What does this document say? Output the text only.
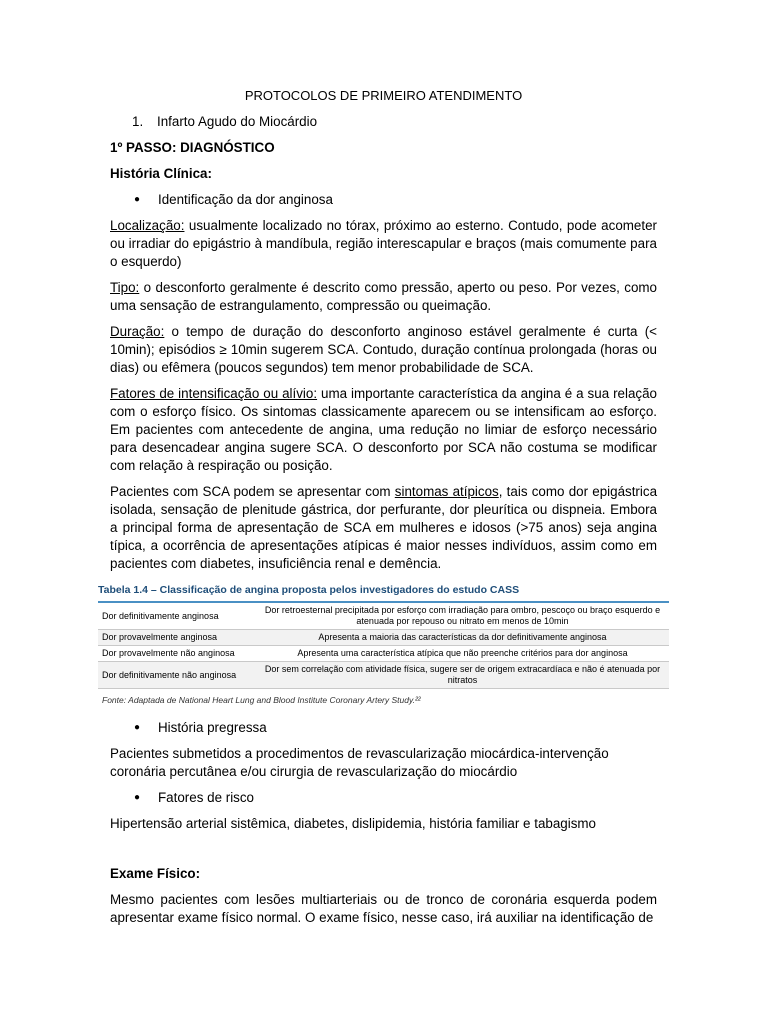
PROTOCOLOS DE PRIMEIRO ATENDIMENTO
1. Infarto Agudo do Miocárdio
1º PASSO: DIAGNÓSTICO
História Clínica:
●	Identificação da dor anginosa
Localização: usualmente localizado no tórax, próximo ao esterno. Contudo, pode acometer ou irradiar do epigástrio à mandíbula, região interescapular e braços (mais comumente para o esquerdo)
Tipo: o desconforto geralmente é descrito como pressão, aperto ou peso. Por vezes, como uma sensação de estrangulamento, compressão ou queimação.
Duração: o tempo de duração do desconforto anginoso estável geralmente é curta (< 10min); episódios ≥ 10min sugerem SCA. Contudo, duração contínua prolongada (horas ou dias) ou efêmera (poucos segundos) tem menor probabilidade de SCA.
Fatores de intensificação ou alívio: uma importante característica da angina é a sua relação com o esforço físico. Os sintomas classicamente aparecem ou se intensificam ao esforço. Em pacientes com antecedente de angina, uma redução no limiar de esforço necessário para desencadear angina sugere SCA. O desconforto por SCA não costuma se modificar com relação à respiração ou posição.
Pacientes com SCA podem se apresentar com sintomas atípicos, tais como dor epigástrica isolada, sensação de plenitude gástrica, dor perfurante, dor pleurítica ou dispneia. Embora a principal forma de apresentação de SCA em mulheres e idosos (>75 anos) seja angina típica, a ocorrência de apresentações atípicas é maior nesses indivíduos, assim como em pacientes com diabetes, insuficiência renal e demência.
Tabela 1.4 – Classificação de angina proposta pelos investigadores do estudo CASS
Dor definitivamente anginosa	Dor retroesternal precipitada por esforço com irradiação para ombro, pescoço ou braço esquerdo e atenuada por repouso ou nitrato em menos de 10min
Dor provavelmente anginosa	Apresenta a maioria das características da dor definitivamente anginosa
Dor provavelmente não anginosa	Apresenta uma característica atípica que não preenche critérios para dor anginosa
Dor definitivamente não anginosa	Dor sem correlação com atividade física, sugere ser de origem extracardíaca e não é atenuada por nitratos
Fonte: Adaptada de National Heart Lung and Blood Institute Coronary Artery Study.²²
●	História pregressa
Pacientes submetidos a procedimentos de revascularização miocárdica-intervenção coronária percutânea e/ou cirurgia de revascularização do miocárdio
●	Fatores de risco
Hipertensão arterial sistêmica, diabetes, dislipidemia, história familiar e tabagismo
Exame Físico:
Mesmo pacientes com lesões multiarteriais ou de tronco de coronária esquerda podem apresentar exame físico normal. O exame físico, nesse caso, irá auxiliar na identificação de
